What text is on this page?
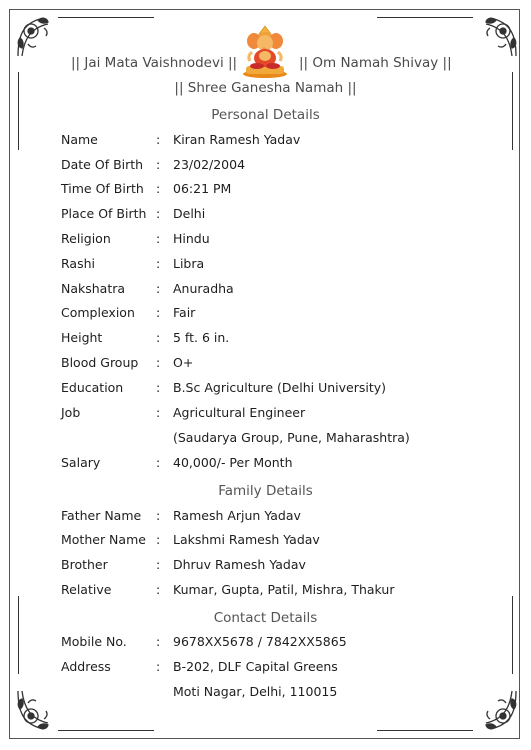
|| Jai Mata Vaishnodevi ||	|| Om Namah Shivay ||
|| Shree Ganesha Namah ||
Personal Details
Name	: Kiran Ramesh Yadav
Date Of Birth : 23/02/2004
Time Of Birth : 06:21 PM
Place Of Birth : Delhi
Religion	: Hindu
Rashi	: Libra
Nakshatra : Anuradha
Complexion : Fair
Height	: 5 ft. 6 in.
Blood Group : O+
Education	: B.Sc Agriculture (Delhi University)
Job	: Agricultural Engineer
(Saudarya Group, Pune, Maharashtra)
Salary	: 40,000/- Per Month
Family Details
Father Name : Ramesh Arjun Yadav
Mother Name : Lakshmi Ramesh Yadav
Brother	: Dhruv Ramesh Yadav
Relative	: Kumar, Gupta, Patil, Mishra, Thakur
Contact Details
Mobile No. : 9678XX5678 / 7842XX5865
Address	: B-202, DLF Capital Greens
Moti Nagar, Delhi, 110015
